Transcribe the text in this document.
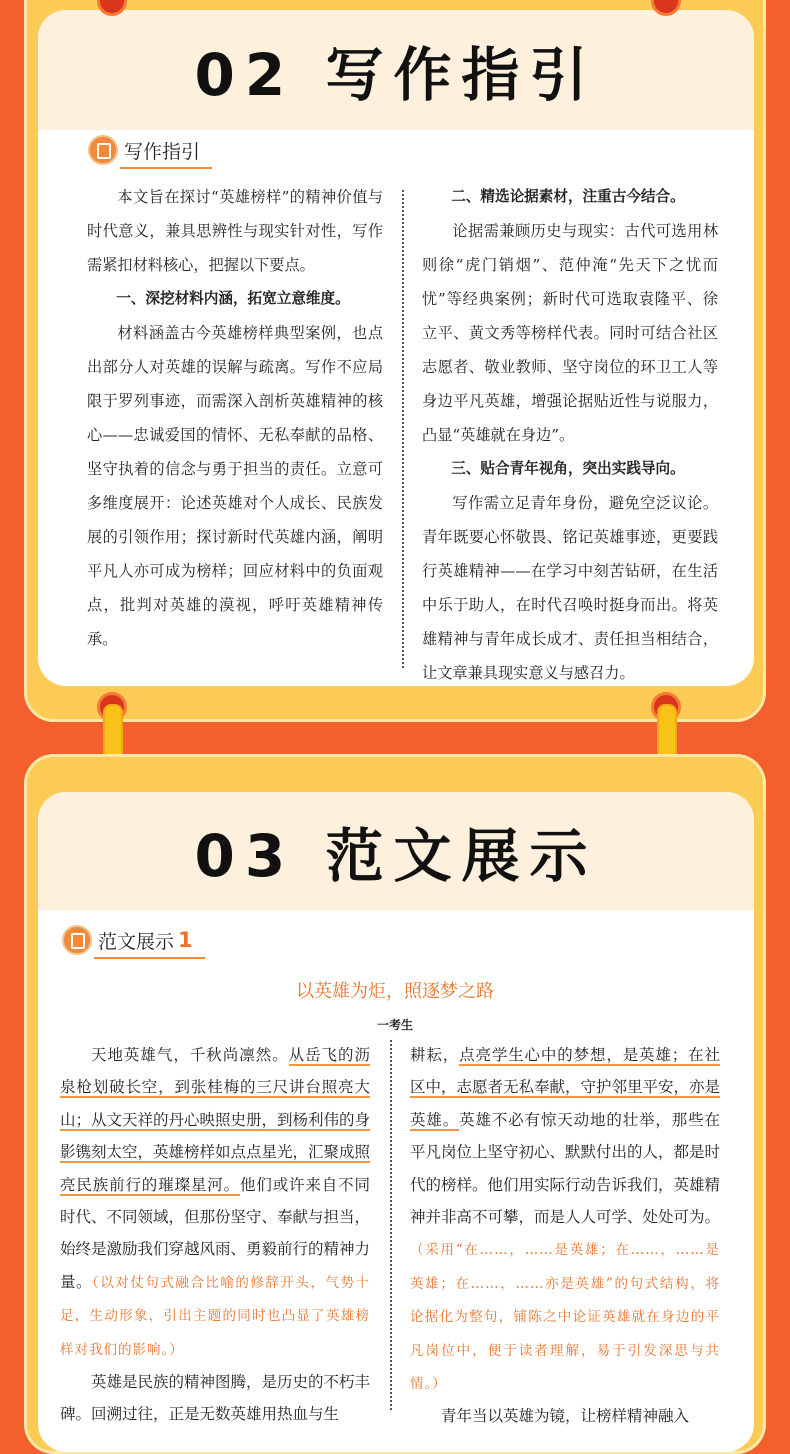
02 写作指引
写作指引

本文旨在探讨“英雄榜样”的精神价值与时代意义，兼具思辨性与现实针对性，写作需紧扣材料核心，把握以下要点。

一、深挖材料内涵，拓宽立意维度。

材料涵盖古今英雄榜样典型案例，也点出部分人对英雄的误解与疏离。写作不应局限于罗列事迹，而需深入剖析英雄精神的核心——忠诚爱国的情怀、无私奉献的品格、坚守执着的信念与勇于担当的责任。立意可多维度展开：论述英雄对个人成长、民族发展的引领作用；探讨新时代英雄内涵，阐明平凡人亦可成为榜样；回应材料中的负面观点，批判对英雄的漠视，呼吁英雄精神传承。

二、精选论据素材，注重古今结合。

论据需兼顾历史与现实：古代可选用林则徐“虎门销烟”、范仲淹“先天下之忧而忧”等经典案例；新时代可选取袁隆平、徐立平、黄文秀等榜样代表。同时可结合社区志愿者、敬业教师、坚守岗位的环卫工人等身边平凡英雄，增强论据贴近性与说服力，凸显“英雄就在身边”。

三、贴合青年视角，突出实践导向。

写作需立足青年身份，避免空泛议论。青年既要心怀敬畏、铭记英雄事迹，更要践行英雄精神——在学习中刻苦钻研，在生活中乐于助人，在时代召唤时挺身而出。将英雄精神与青年成长成才、责任担当相结合，让文章兼具现实意义与感召力。

03 范文展示
范文展示 1
以英雄为炬，照逐梦之路
一考生

天地英雄气，千秋尚凛然。从岳飞的沥泉枪划破长空，到张桂梅的三尺讲台照亮大山；从文天祥的丹心映照史册，到杨利伟的身影镌刻太空，英雄榜样如点点星光，汇聚成照亮民族前行的璀璨星河。他们或许来自不同时代、不同领域，但那份坚守、奉献与担当，始终是激励我们穿越风雨、勇毅前行的精神力量。（以对仗句式融合比喻的修辞开头，气势十足，生动形象，引出主题的同时也凸显了英雄榜样对我们的影响。）

英雄是民族的精神图腾，是历史的不朽丰碑。回溯过往，正是无数英雄用热血与生

耕耘，点亮学生心中的梦想，是英雄；在社区中，志愿者无私奉献，守护邻里平安，亦是英雄。英雄不必有惊天动地的壮举，那些在平凡岗位上坚守初心、默默付出的人，都是时代的榜样。他们用实际行动告诉我们，英雄精神并非高不可攀，而是人人可学、处处可为。（采用“在……，……是英雄；在……，……是英雄；在……，……亦是英雄”的句式结构，将论据化为整句，铺陈之中论证英雄就在身边的平凡岗位中，便于读者理解，易于引发深思与共情。）

青年当以英雄为镜，让榜样精神融入
